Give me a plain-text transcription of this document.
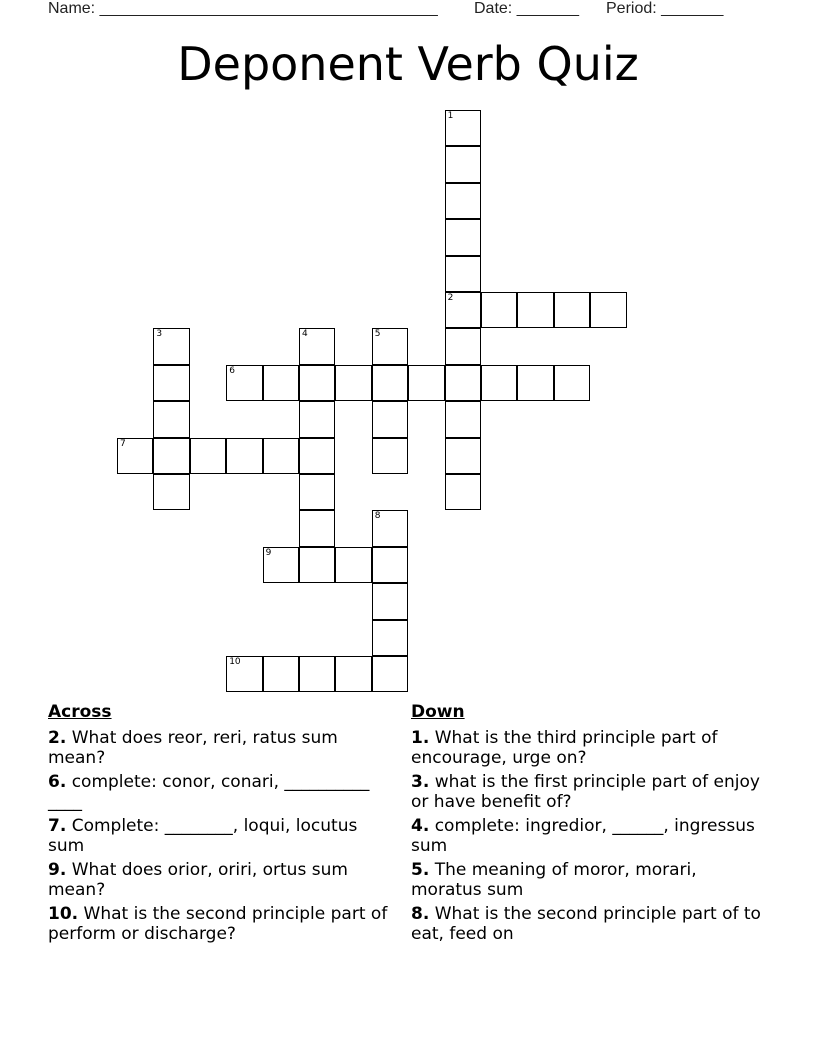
Name: ______________________________________ Date: _______ Period: _______
Deponent Verb Quiz
1
2
3	4	5
6
7
8
9
10
Across
2. What does reor, reri, ratus sum mean?
6. complete: conor, conari, __________ ____
7. Complete: ________, loqui, locutus sum
9. What does orior, oriri, ortus sum mean?
10. What is the second principle part of perform or discharge?
Down
1. What is the third principle part of encourage, urge on?
3. what is the first principle part of enjoy or have benefit of?
4. complete: ingredior, ______, ingressus sum
5. The meaning of moror, morari, moratus sum
8. What is the second principle part of to eat, feed on
